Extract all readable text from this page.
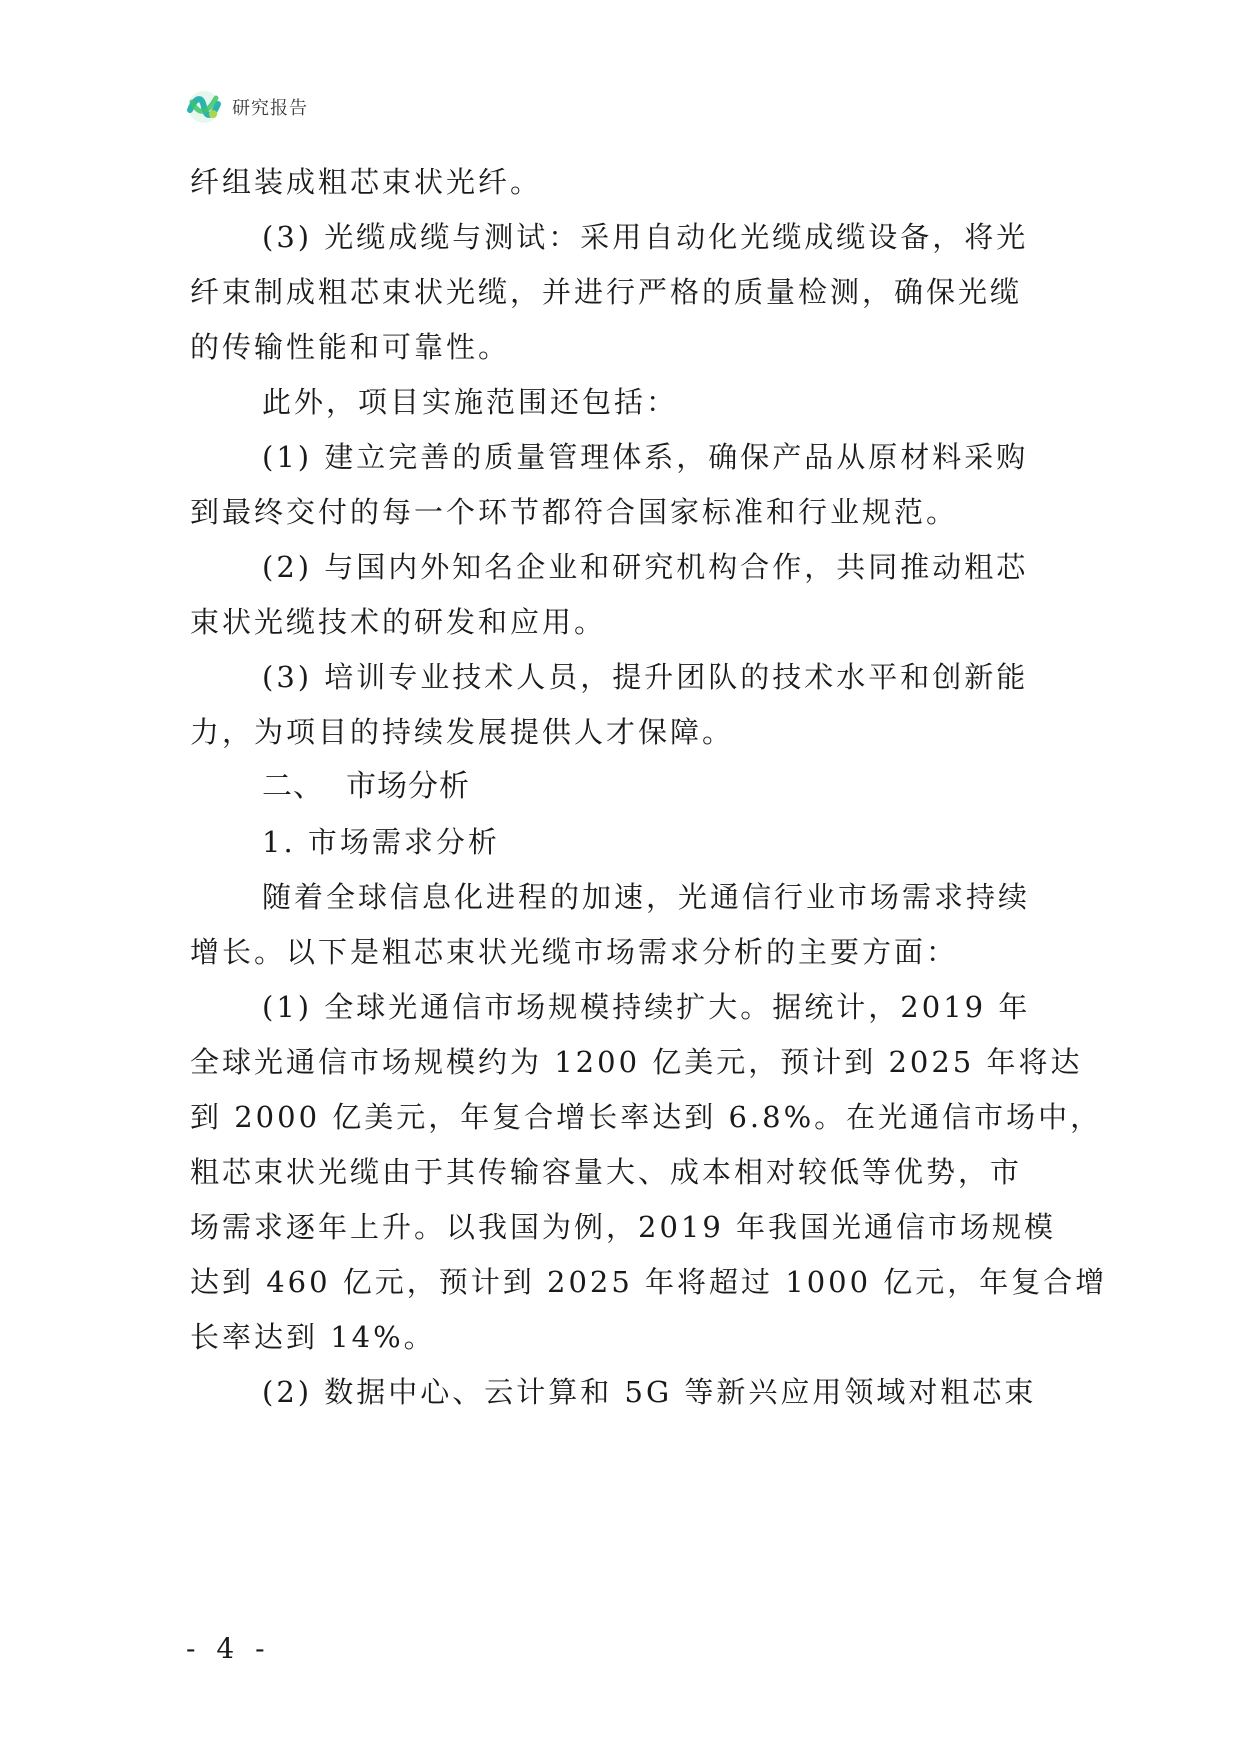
研究报告
纤组装成粗芯束状光纤。
(3) 光缆成缆与测试：采用自动化光缆成缆设备，将光
纤束制成粗芯束状光缆，并进行严格的质量检测，确保光缆
的传输性能和可靠性。
此外，项目实施范围还包括：
(1) 建立完善的质量管理体系，确保产品从原材料采购
到最终交付的每一个环节都符合国家标准和行业规范。
(2) 与国内外知名企业和研究机构合作，共同推动粗芯
束状光缆技术的研发和应用。
(3) 培训专业技术人员，提升团队的技术水平和创新能
力，为项目的持续发展提供人才保障。
二、 市场分析
1. 市场需求分析
随着全球信息化进程的加速，光通信行业市场需求持续
增长。以下是粗芯束状光缆市场需求分析的主要方面：
(1) 全球光通信市场规模持续扩大。据统计，2019 年
全球光通信市场规模约为 1200 亿美元，预计到 2025 年将达
到 2000 亿美元，年复合增长率达到 6.8%。在光通信市场中，
粗芯束状光缆由于其传输容量大、成本相对较低等优势，市
场需求逐年上升。以我国为例，2019 年我国光通信市场规模
达到 460 亿元，预计到 2025 年将超过 1000 亿元，年复合增
长率达到 14%。
(2) 数据中心、云计算和 5G 等新兴应用领域对粗芯束
- 4 -
